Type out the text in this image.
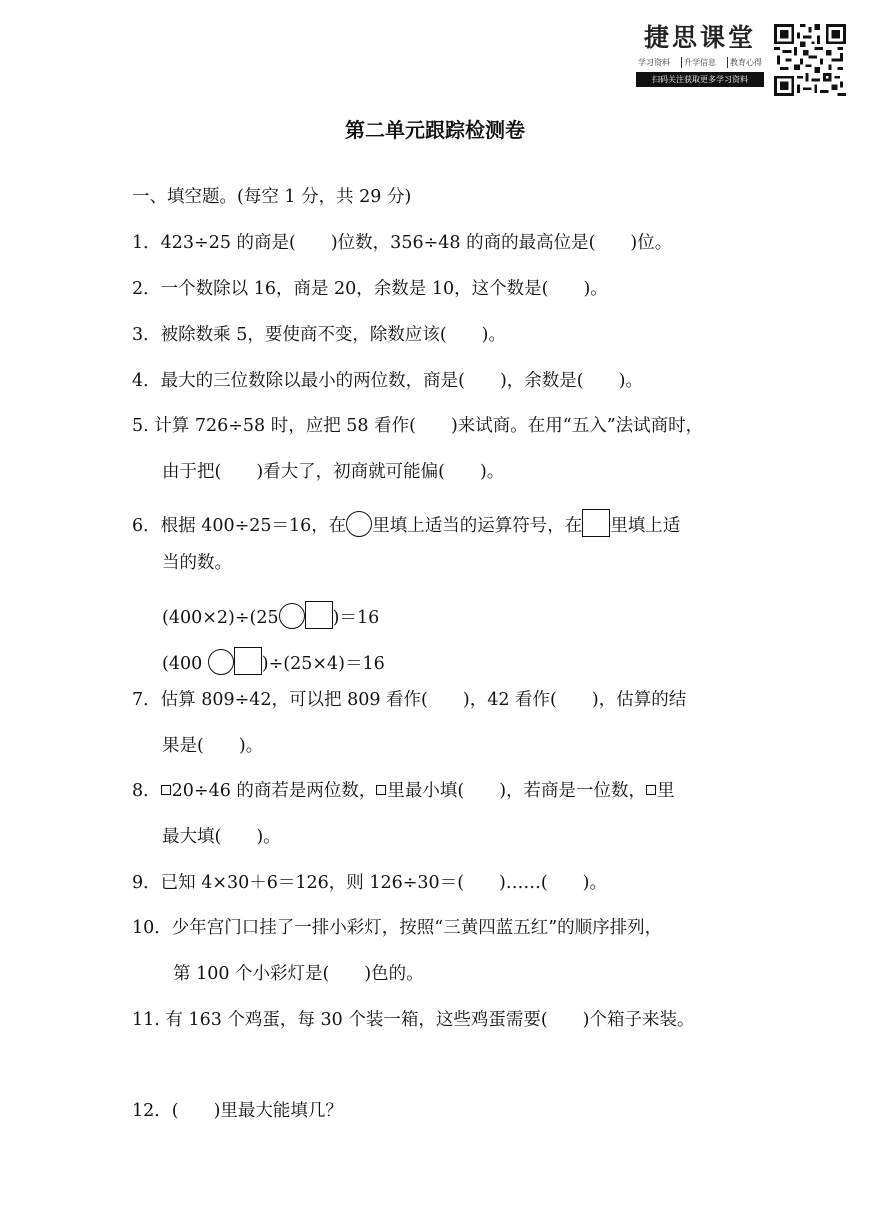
捷思课堂
学习资料	升学信息	教育心得
扫码关注获取更多学习资料
第二单元跟踪检测卷
一、填空题。(每空 1 分，共 29 分)
1．423÷25 的商是(　　)位数，356÷48 的商的最高位是(　　)位。
2．一个数除以 16，商是 20，余数是 10，这个数是(　　)。
3．被除数乘 5，要使商不变，除数应该(　　)。
4．最大的三位数除以最小的两位数，商是(　　)，余数是(　　)。
5. 计算 726÷58 时，应把 58 看作(　　)来试商。在用“五入”法试商时，
由于把(　　)看大了，初商就可能偏(　　)。
6．根据 400÷25＝16，在 里填上适当的运算符号，在 里填上适
当的数。
(400×2)÷(25	)＝16
(400	)÷(25×4)＝16
7．估算 809÷42，可以把 809 看作(　　)，42 看作(　　)，估算的结
果是(　　)。
8． 20÷46 的商若是两位数， 里最小填(　　)，若商是一位数， 里
最大填(　　)。
9．已知 4×30＋6＝126，则 126÷30＝(　　)……(　　)。
10．少年宫门口挂了一排小彩灯，按照“三黄四蓝五红”的顺序排列，
第 100 个小彩灯是(　　)色的。
11. 有 163 个鸡蛋，每 30 个装一箱，这些鸡蛋需要(　　)个箱子来装。
12．(　　)里最大能填几？
